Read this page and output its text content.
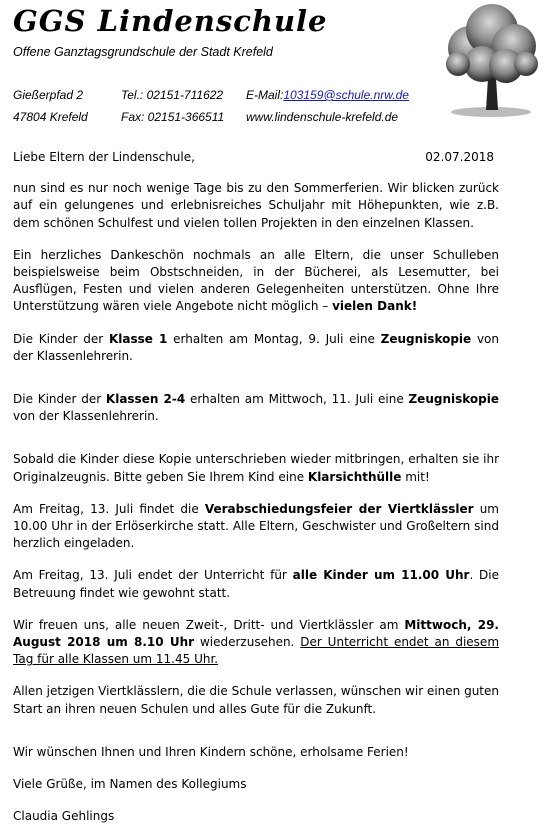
GGS Lindenschule
Offene Ganztagsgrundschule der Stadt Krefeld
Gießerpfad 2	Tel.: 02151-711622 E-Mail:103159@schule.nrw.de
47804 Krefeld	Fax: 02151-366511 www.lindenschule-krefeld.de

Liebe Eltern der Lindenschule,	02.07.2018

nun sind es nur noch wenige Tage bis zu den Sommerferien. Wir blicken zurück auf ein gelungenes und erlebnisreiches Schuljahr mit Höhepunkten, wie z.B. dem schönen Schulfest und vielen tollen Projekten in den einzelnen Klassen.

Ein herzliches Dankeschön nochmals an alle Eltern, die unser Schulleben beispielsweise beim Obstschneiden, in der Bücherei, als Lesemutter, bei Ausflügen, Festen und vielen anderen Gelegenheiten unterstützen. Ohne Ihre Unterstützung wären viele Angebote nicht möglich – vielen Dank!

Die Kinder der Klasse 1 erhalten am Montag, 9. Juli eine Zeugniskopie von der Klassenlehrerin.

Die Kinder der Klassen 2-4 erhalten am Mittwoch, 11. Juli eine Zeugniskopie von der Klassenlehrerin.

Sobald die Kinder diese Kopie unterschrieben wieder mitbringen, erhalten sie ihr Originalzeugnis. Bitte geben Sie Ihrem Kind eine Klarsichthülle mit!

Am Freitag, 13. Juli findet die Verabschiedungsfeier der Viertklässler um 10.00 Uhr in der Erlöserkirche statt. Alle Eltern, Geschwister und Großeltern sind herzlich eingeladen.

Am Freitag, 13. Juli endet der Unterricht für alle Kinder um 11.00 Uhr. Die Betreuung findet wie gewohnt statt.

Wir freuen uns, alle neuen Zweit-, Dritt- und Viertklässler am Mittwoch, 29. August 2018 um 8.10 Uhr wiederzusehen. Der Unterricht endet an diesem Tag für alle Klassen um 11.45 Uhr.

Allen jetzigen Viertklässlern, die die Schule verlassen, wünschen wir einen guten Start an ihren neuen Schulen und alles Gute für die Zukunft.

Wir wünschen Ihnen und Ihren Kindern schöne, erholsame Ferien!

Viele Grüße, im Namen des Kollegiums

Claudia Gehlings
